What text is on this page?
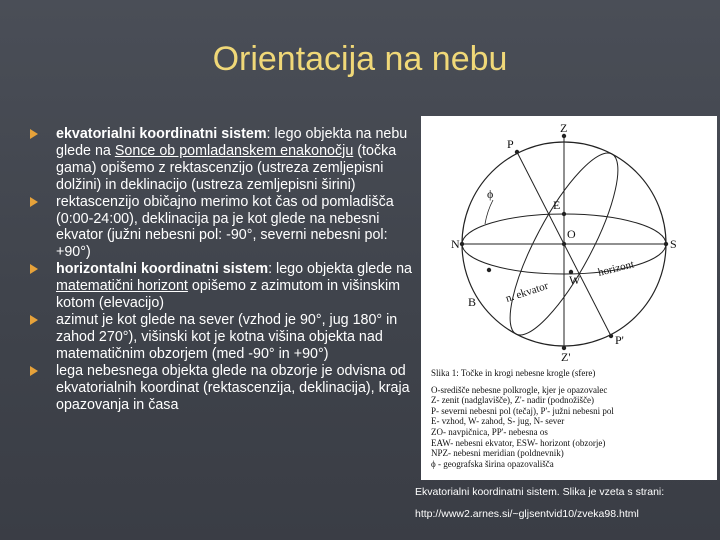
Orientacija na nebu
ekvatorialni koordinatni sistem: lego objekta na nebu glede na Sonce ob pomladanskem enakonočju (točka gama) opišemo z rektascenzijo (ustreza zemljepisni dolžini) in deklinacijo (ustreza zemljepisni širini)
rektascenzijo običajno merimo kot čas od pomladišča (0:00-24:00), deklinacija pa je kot glede na nebesni ekvator (južni nebesni pol: -90°, severni nebesni pol: +90°)
horizontalni koordinatni sistem: lego objekta glede na matematični horizont opišemo z azimutom in višinskim kotom (elevacijo)
azimut je kot glede na sever (vzhod je 90°, jug 180° in zahod 270°), višinski kot je kotna višina objekta nad matematičnim obzorjem (med -90° in +90°)
lega nebesnega objekta glede na obzorje je odvisna od ekvatorialnih koordinat (rektascenzija, deklinacija), kraja opazovanja in časa
Z
P
ϕ
E
N
O
S
B
W
Z'
P'
horizont
n. ekvator
Slika 1: Točke in krogi nebesne krogle (sfere)
O-središče nebesne polkrogle, kjer je opazovalec
Z- zenit (nadglavišče), Z'- nadir (podnožišče)
P- severni nebesni pol (tečaj), P'- južni nebesni pol
E- vzhod, W- zahod, S- jug, N- sever
ZO- navpičnica, PP'- nebesna os
EAW- nebesni ekvator, ESW- horizont (obzorje)
NPZ- nebesni meridian (poldnevnik)
ϕ - geografska širina opazovališča
Ekvatorialni koordinatni sistem. Slika je vzeta s strani:
http://www2.arnes.si/~gljsentvid10/zveka98.html
